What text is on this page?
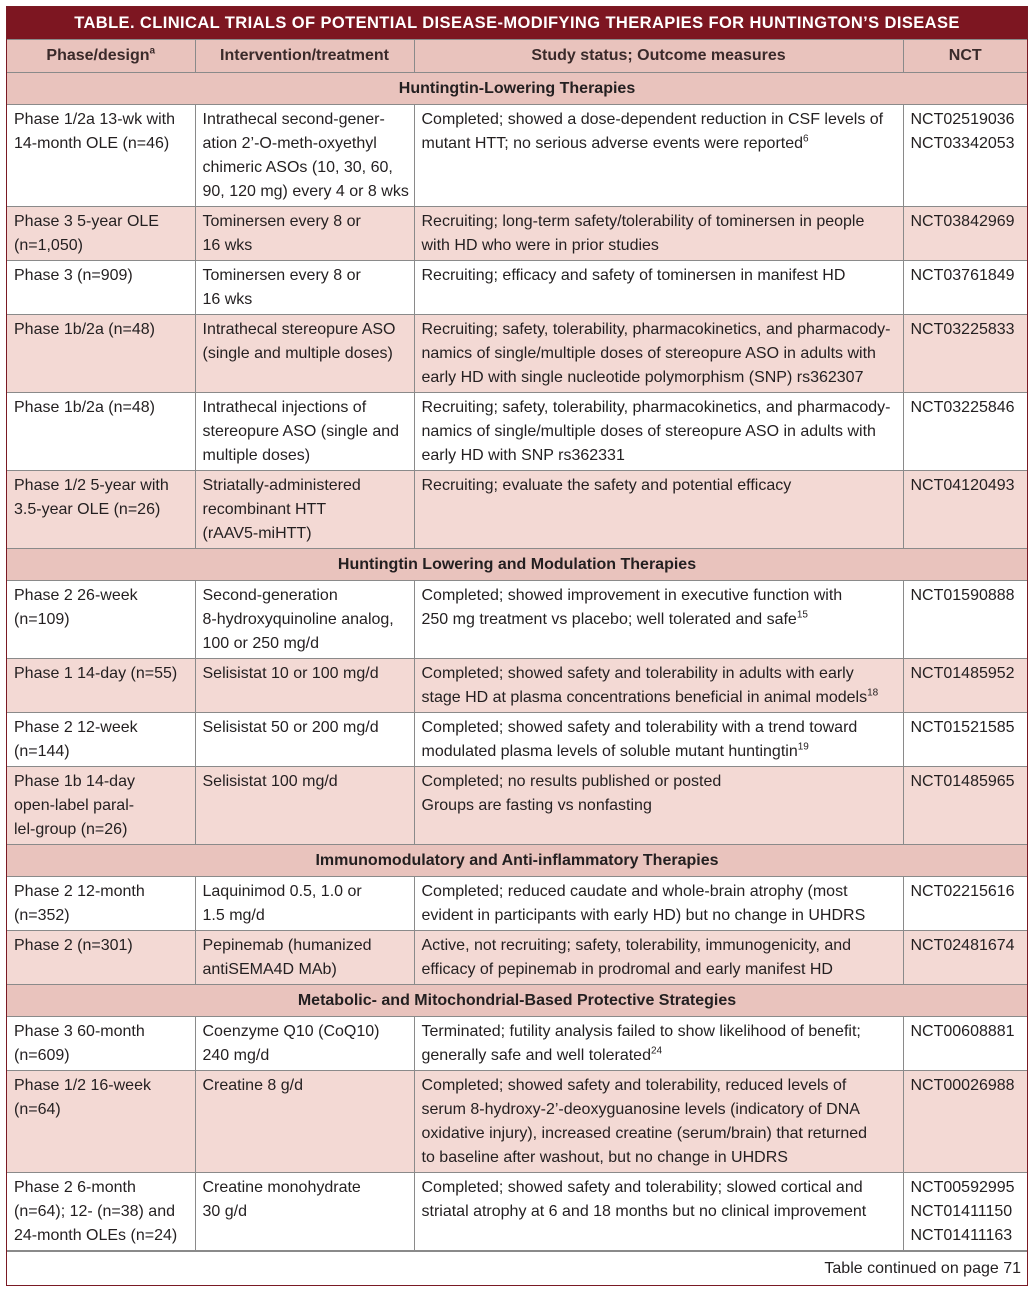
TABLE. CLINICAL TRIALS OF POTENTIAL DISEASE-MODIFYING THERAPIES FOR HUNTINGTON’S DISEASE
Phase/design$^a$	Intervention/treatment	Study status; Outcome measures	NCT
Huntingtin-Lowering Therapies			

Phase 1/2a 13-wk with
14-month OLE (n=46)	Intrathecal second-gener-
ation 2’-O-meth-oxyethyl
chimeric ASOs (10, 30, 60,
90, 120 mg) every 4 or 8 wks	Completed; showed a dose-dependent reduction in CSF levels of
mutant HTT; no serious adverse events were reported$^6$	NCT02519036
NCT03342053

Phase 3 5-year OLE
(n=1,050)	Tominersen every 8 or
16 wks	Recruiting; long-term safety/tolerability of tominersen in people
with HD who were in prior studies	NCT03842969

Phase 3 (n=909)	Tominersen every 8 or
16 wks	Recruiting; efficacy and safety of tominersen in manifest HD	NCT03761849

Phase 1b/2a (n=48)	Intrathecal stereopure ASO
(single and multiple doses)	Recruiting; safety, tolerability, pharmacokinetics, and pharmacody-
namics of single/multiple doses of stereopure ASO in adults with
early HD with single nucleotide polymorphism (SNP) rs362307	NCT03225833

Phase 1b/2a (n=48)	Intrathecal injections of
stereopure ASO (single and
multiple doses)	Recruiting; safety, tolerability, pharmacokinetics, and pharmacody-
namics of single/multiple doses of stereopure ASO in adults with
early HD with SNP rs362331	NCT03225846

Phase 1/2 5-year with
3.5-year OLE (n=26)	Striatally-administered
recombinant HTT
(rAAV5-miHTT)	Recruiting; evaluate the safety and potential efficacy	NCT04120493

Huntingtin Lowering and Modulation Therapies			

Phase 2 26-week
(n=109)	Second-generation
8-hydroxyquinoline analog,
100 or 250 mg/d	Completed; showed improvement in executive function with
250 mg treatment vs placebo; well tolerated and safe$^{15}$	NCT01590888

Phase 1 14-day (n=55)	Selisistat 10 or 100 mg/d	Completed; showed safety and tolerability in adults with early
stage HD at plasma concentrations beneficial in animal models$^{18}$	NCT01485952

Phase 2 12-week
(n=144)	Selisistat 50 or 200 mg/d	Completed; showed safety and tolerability with a trend toward
modulated plasma levels of soluble mutant huntingtin$^{19}$	NCT01521585

Phase 1b 14-day
open-label paral-
lel-group (n=26)	Selisistat 100 mg/d	Completed; no results published or posted
Groups are fasting vs nonfasting	NCT01485965

Immunomodulatory and Anti-inflammatory Therapies			

Phase 2 12-month
(n=352)	Laquinimod 0.5, 1.0 or
1.5 mg/d	Completed; reduced caudate and whole-brain atrophy (most
evident in participants with early HD) but no change in UHDRS	NCT02215616

Phase 2 (n=301)	Pepinemab (humanized
antiSEMA4D MAb)	Active, not recruiting; safety, tolerability, immunogenicity, and
efficacy of pepinemab in prodromal and early manifest HD	NCT02481674

Metabolic- and Mitochondrial-Based Protective Strategies			

Phase 3 60-month
(n=609)	Coenzyme Q10 (CoQ10)
240 mg/d	Terminated; futility analysis failed to show likelihood of benefit;
generally safe and well tolerated$^{24}$	NCT00608881

Phase 1/2 16-week
(n=64)	Creatine 8 g/d	Completed; showed safety and tolerability, reduced levels of
serum 8-hydroxy-2’-deoxyguanosine levels (indicatory of DNA
oxidative injury), increased creatine (serum/brain) that returned
to baseline after washout, but no change in UHDRS	NCT00026988

Phase 2 6-month
(n=64); 12- (n=38) and
24-month OLEs (n=24)	Creatine monohydrate
30 g/d	Completed; showed safety and tolerability; slowed cortical and
striatal atrophy at 6 and 18 months but no clinical improvement	NCT00592995
NCT01411150
NCT01411163
Table continued on page 71
